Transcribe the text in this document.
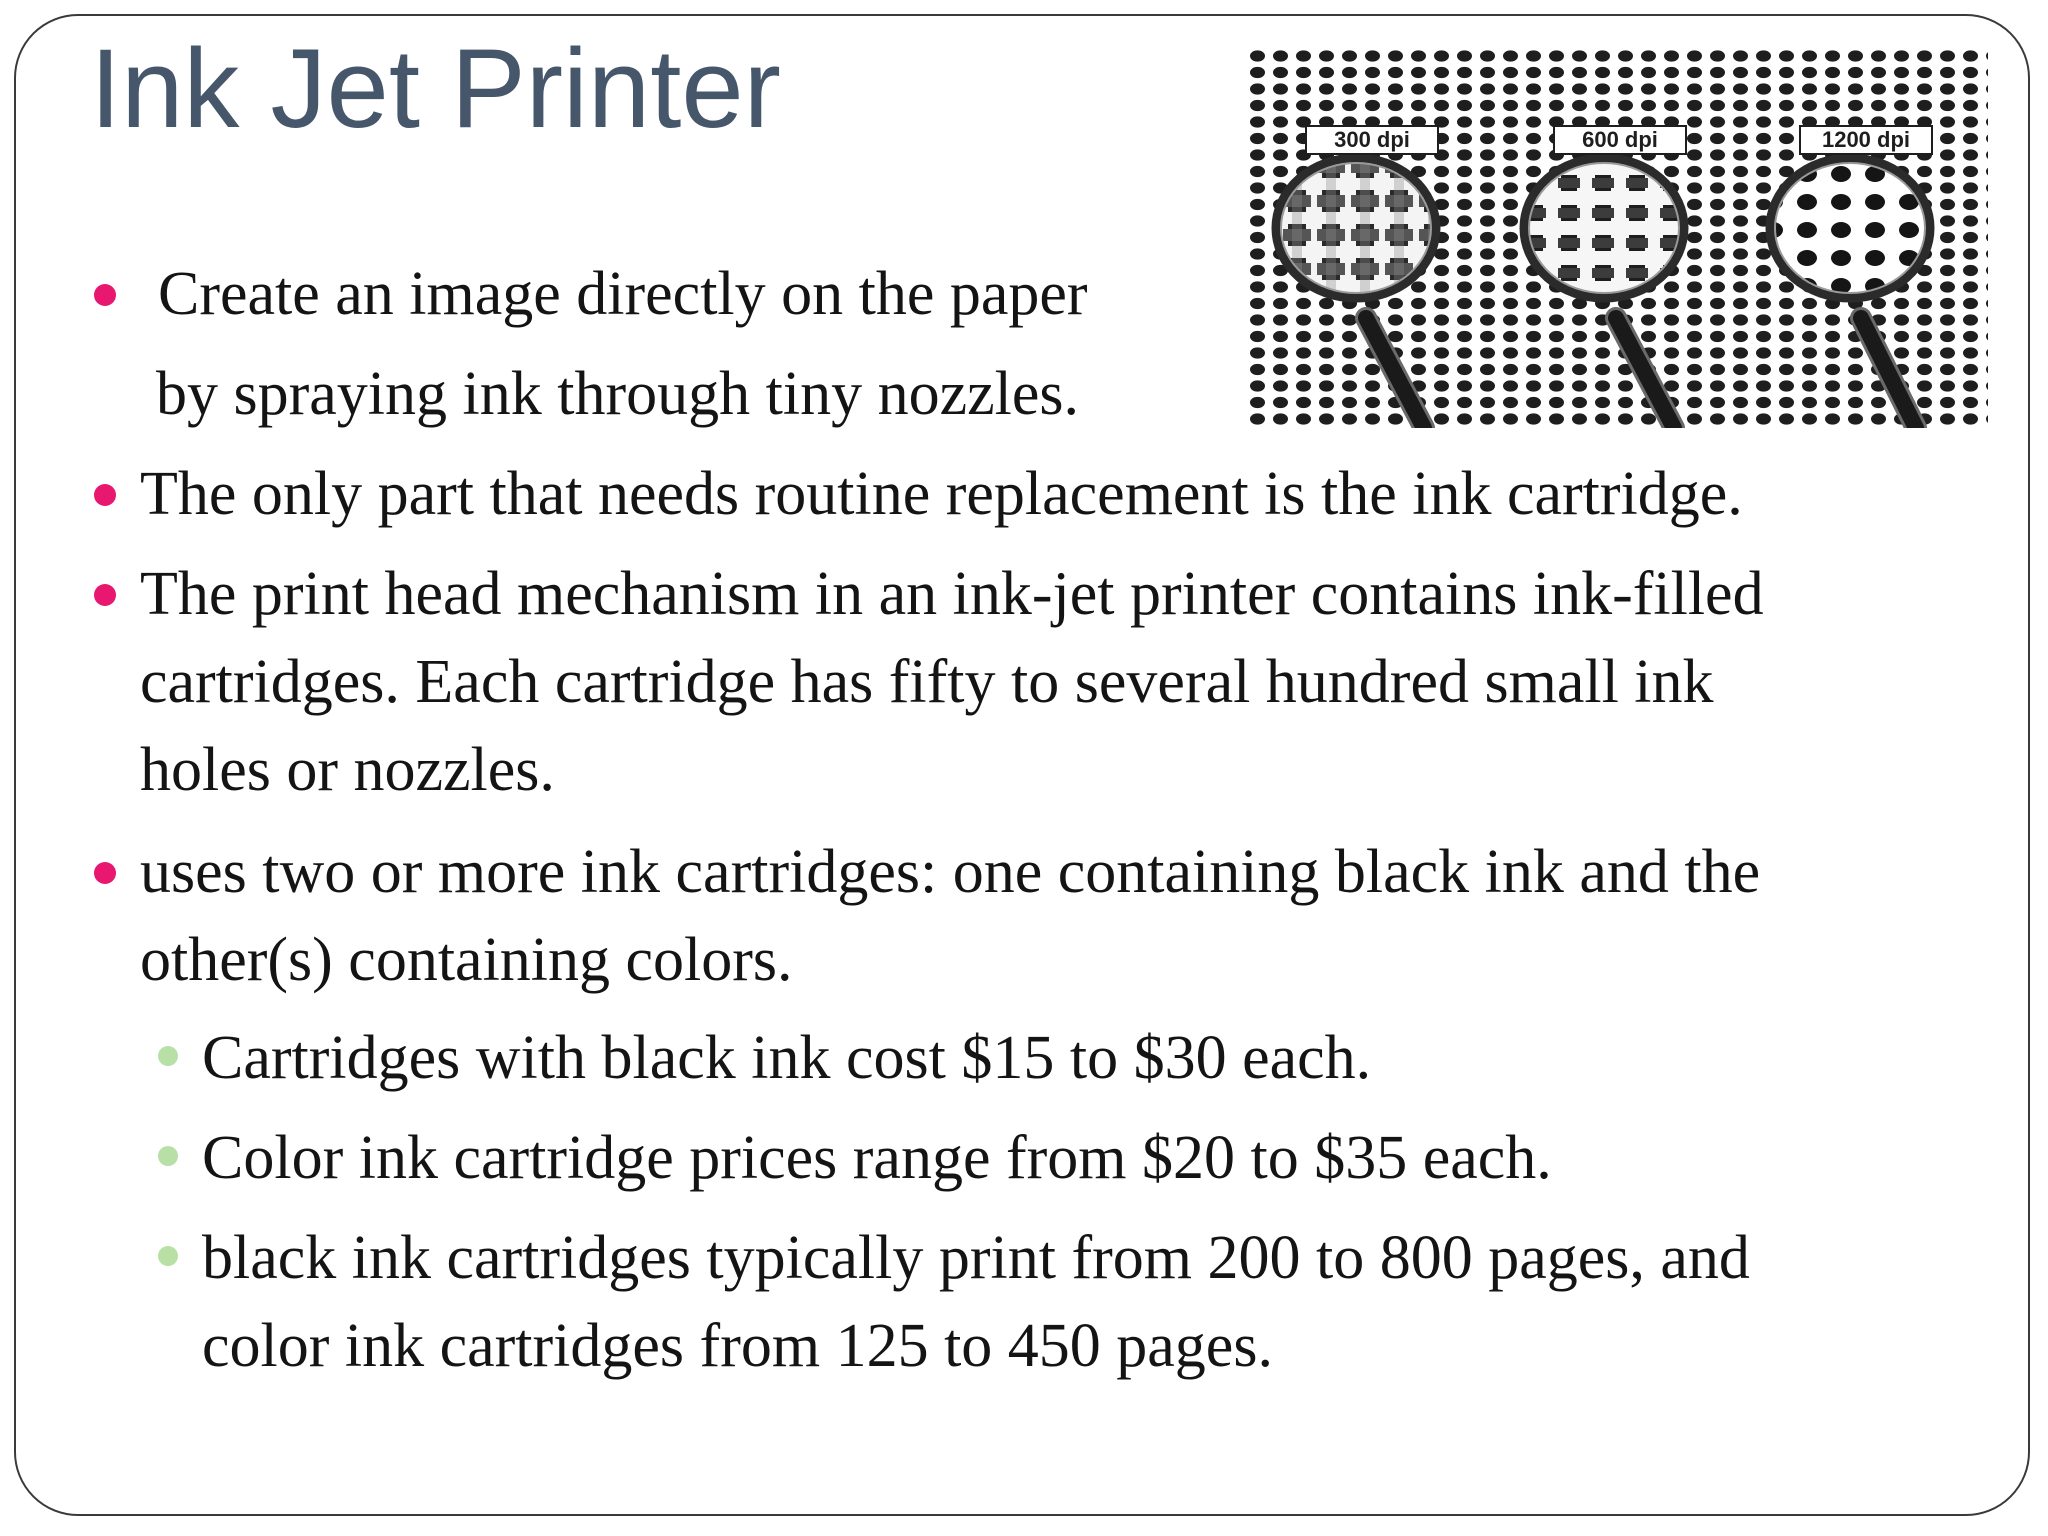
Ink Jet Printer	300 dpi	600 dpi	1200 dpi
Create an image directly on the paper
by spraying ink through tiny nozzles.
The only part that needs routine replacement is the ink cartridge.
The print head mechanism in an ink-jet printer contains ink-filled
cartridges. Each cartridge has fifty to several hundred small ink
holes or nozzles.
uses two or more ink cartridges: one containing black ink and the
other(s) containing colors.
Cartridges with black ink cost $15 to $30 each.
Color ink cartridge prices range from $20 to $35 each.
black ink cartridges typically print from 200 to 800 pages, and
color ink cartridges from 125 to 450 pages.
